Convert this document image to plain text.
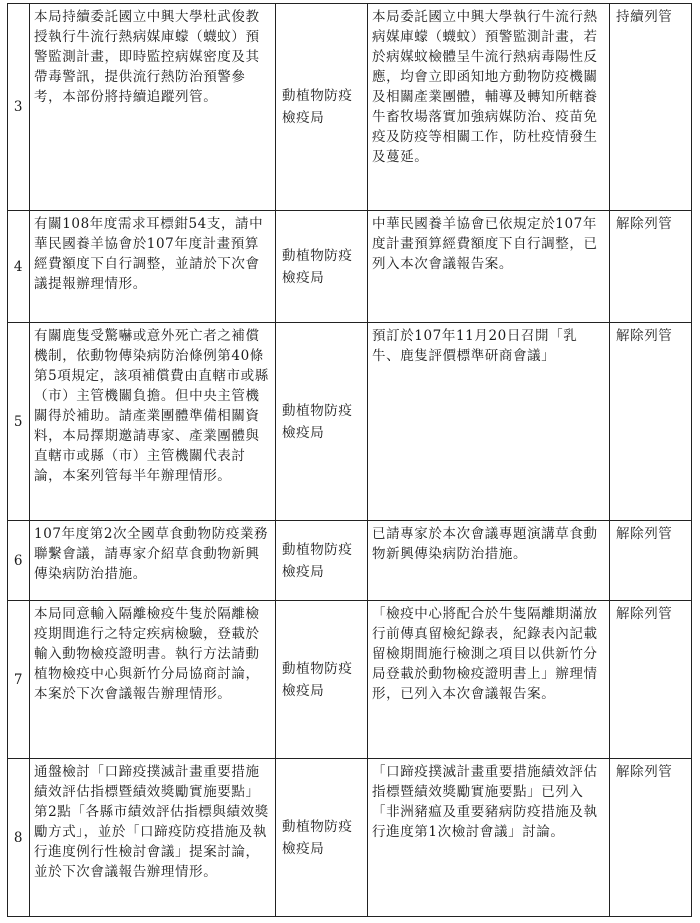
3	本局持續委託國立中興大學杜武俊教授執行牛流行熱病媒庫蠓（蠛蚊）預警監測計畫，即時監控病媒密度及其帶毒警訊，提供流行熱防治預警參考，本部份將持續追蹤列管。	動植物防疫檢疫局	本局委託國立中興大學執行牛流行熱病媒庫蠓（蠛蚊）預警監測計畫，若於病媒蚊檢體呈牛流行熱病毒陽性反應，均會立即函知地方動物防疫機關及相關產業團體，輔導及轉知所轄養牛畜牧場落實加強病媒防治、疫苗免疫及防疫等相關工作，防杜疫情發生及蔓延。	持續列管
4	有關108年度需求耳標鉗54支，請中華民國養羊協會於107年度計畫預算經費額度下自行調整，並請於下次會議提報辦理情形。	動植物防疫檢疫局	中華民國養羊協會已依規定於107年度計畫預算經費額度下自行調整，已列入本次會議報告案。	解除列管
5	有關鹿隻受驚嚇或意外死亡者之補償機制，依動物傳染病防治條例第40條第5項規定，該項補償費由直轄市或縣（市）主管機關負擔。但中央主管機關得於補助。請產業團體準備相關資料，本局擇期邀請專家、產業團體與直轄市或縣（市）主管機關代表討論，本案列管每半年辦理情形。	動植物防疫檢疫局	預訂於107年11月20日召開「乳牛、鹿隻評價標準研商會議」	解除列管
6	107年度第2次全國草食動物防疫業務聯繫會議，請專家介紹草食動物新興傳染病防治措施。	動植物防疫檢疫局	已請專家於本次會議專題演講草食動物新興傳染病防治措施。	解除列管
7	本局同意輸入隔離檢疫牛隻於隔離檢疫期間進行之特定疾病檢驗，登載於輸入動物檢疫證明書。執行方法請動植物檢疫中心與新竹分局協商討論，本案於下次會議報告辦理情形。	動植物防疫檢疫局	「檢疫中心將配合於牛隻隔離期滿放行前傳真留檢紀錄表，紀錄表內記載留檢期間施行檢測之項目以供新竹分局登載於動物檢疫證明書上」辦理情形，已列入本次會議報告案。	解除列管
8	通盤檢討「口蹄疫撲滅計畫重要措施績效評估指標暨績效獎勵實施要點」第2點「各縣市績效評估指標與績效獎勵方式」，並於「口蹄疫防疫措施及執行進度例行性檢討會議」提案討論，並於下次會議報告辦理情形。	動植物防疫檢疫局	「口蹄疫撲滅計畫重要措施績效評估指標暨績效獎勵實施要點」已列入「非洲豬瘟及重要豬病防疫措施及執行進度第1次檢討會議」討論。	解除列管
